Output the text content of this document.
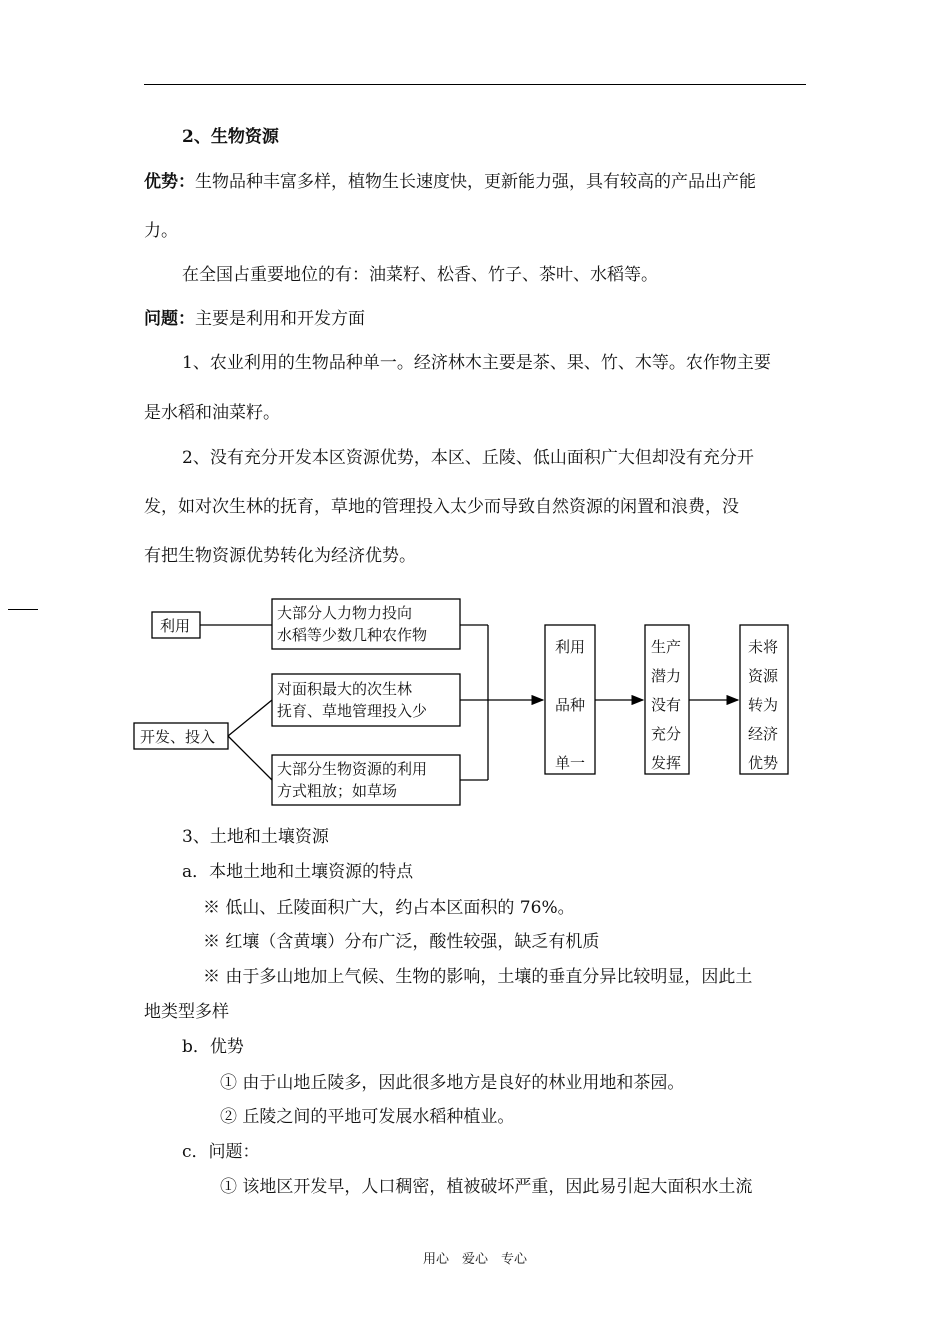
2、生物资源
优势：生物品种丰富多样，植物生长速度快，更新能力强，具有较高的产品出产能
力。
在全国占重要地位的有：油菜籽、松香、竹子、茶叶、水稻等。
问题：主要是利用和开发方面
1、农业利用的生物品种单一。经济林木主要是茶、果、竹、木等。农作物主要
是水稻和油菜籽。
2、没有充分开发本区资源优势，本区、丘陵、低山面积广大但却没有充分开
发，如对次生林的抚育，草地的管理投入太少而导致自然资源的闲置和浪费，没
有把生物资源优势转化为经济优势。
利用
开发、投入
大部分人力物力投向
水稻等少数几种农作物
对面积最大的次生林
抚育、草地管理投入少
大部分生物资源的利用
方式粗放；如草场
利用
品种
单一
生产
潜力
没有
充分
发挥
未将
资源
转为
经济
优势
3、土地和土壤资源
a．本地土地和土壤资源的特点
※ 低山、丘陵面积广大，约占本区面积的 76%。
※ 红壤（含黄壤）分布广泛，酸性较强，缺乏有机质
※ 由于多山地加上气候、生物的影响，土壤的垂直分异比较明显，因此土
地类型多样
b．优势
① 由于山地丘陵多，因此很多地方是良好的林业用地和茶园。
② 丘陵之间的平地可发展水稻种植业。
c．问题：
① 该地区开发早，人口稠密，植被破坏严重，因此易引起大面积水土流
用心　爱心　专心
